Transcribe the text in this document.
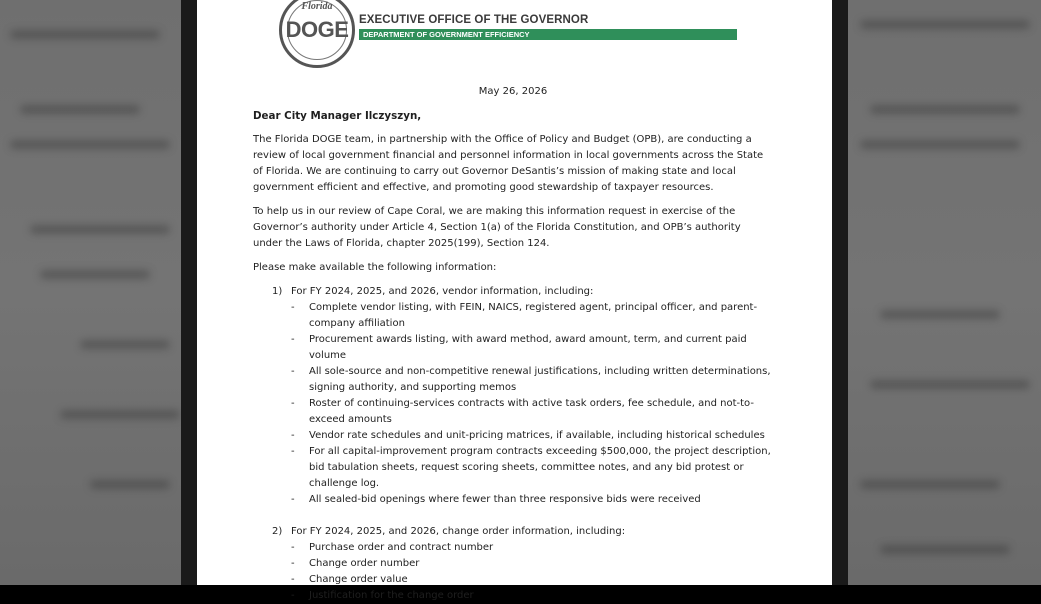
Florida
DOGE EXECUTIVE OFFICE OF THE GOVERNOR
DEPARTMENT OF GOVERNMENT EFFICIENCY
May 26, 2026
Dear City Manager Ilczyszyn,

The Florida DOGE team, in partnership with the Office of Policy and Budget (OPB), are conducting a review of local government financial and personnel information in local governments across the State of Florida. We are continuing to carry out Governor DeSantis’s mission of making state and local government efficient and effective, and promoting good stewardship of taxpayer resources.

To help us in our review of Cape Coral, we are making this information request in exercise of the Governor’s authority under Article 4, Section 1(a) of the Florida Constitution, and OPB’s authority under the Laws of Florida, chapter 2025(199), Section 124.

Please make available the following information:

1) For FY 2024, 2025, and 2026, vendor information, including:
- Complete vendor listing, with FEIN, NAICS, registered agent, principal officer, and parent-company affiliation
- Procurement awards listing, with award method, award amount, term, and current paid volume
- All sole-source and non-competitive renewal justifications, including written determinations, signing authority, and supporting memos
- Roster of continuing-services contracts with active task orders, fee schedule, and not-to-exceed amounts
- Vendor rate schedules and unit-pricing matrices, if available, including historical schedules
- For all capital-improvement program contracts exceeding $500,000, the project description, bid tabulation sheets, request scoring sheets, committee notes, and any bid protest or challenge log.
- All sealed-bid openings where fewer than three responsive bids were received
2) For FY 2024, 2025, and 2026, change order information, including:
- Purchase order and contract number
- Change order number
- Change order value
- Justification for the change order
